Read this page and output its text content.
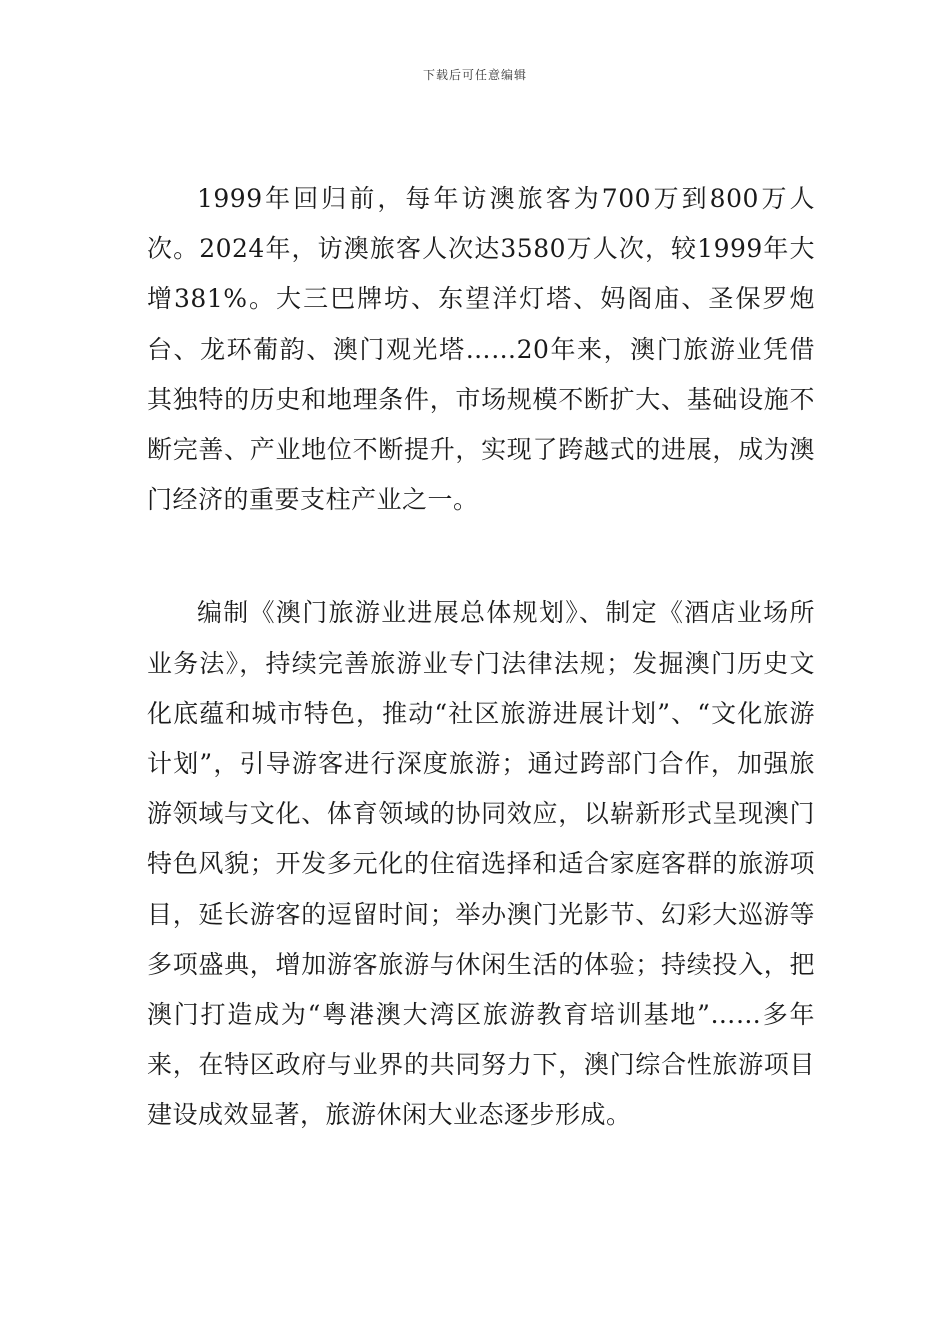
下载后可任意编辑

1999年回归前，每年访澳旅客为700万到800万人次。2024年，访澳旅客人次达3580万人次，较1999年大增381%。大三巴牌坊、东望洋灯塔、妈阁庙、圣保罗炮台、龙环葡韵、澳门观光塔……20年来，澳门旅游业凭借其独特的历史和地理条件，市场规模不断扩大、基础设施不断完善、产业地位不断提升，实现了跨越式的进展，成为澳门经济的重要支柱产业之一。

编制《澳门旅游业进展总体规划》、制定《酒店业场所业务法》，持续完善旅游业专门法律法规；发掘澳门历史文化底蕴和城市特色，推动“社区旅游进展计划”、“文化旅游计划”，引导游客进行深度旅游；通过跨部门合作，加强旅游领域与文化、体育领域的协同效应，以崭新形式呈现澳门特色风貌；开发多元化的住宿选择和适合家庭客群的旅游项目，延长游客的逗留时间；举办澳门光影节、幻彩大巡游等多项盛典，增加游客旅游与休闲生活的体验；持续投入，把澳门打造成为“粤港澳大湾区旅游教育培训基地”……多年来，在特区政府与业界的共同努力下，澳门综合性旅游项目建设成效显著，旅游休闲大业态逐步形成。
